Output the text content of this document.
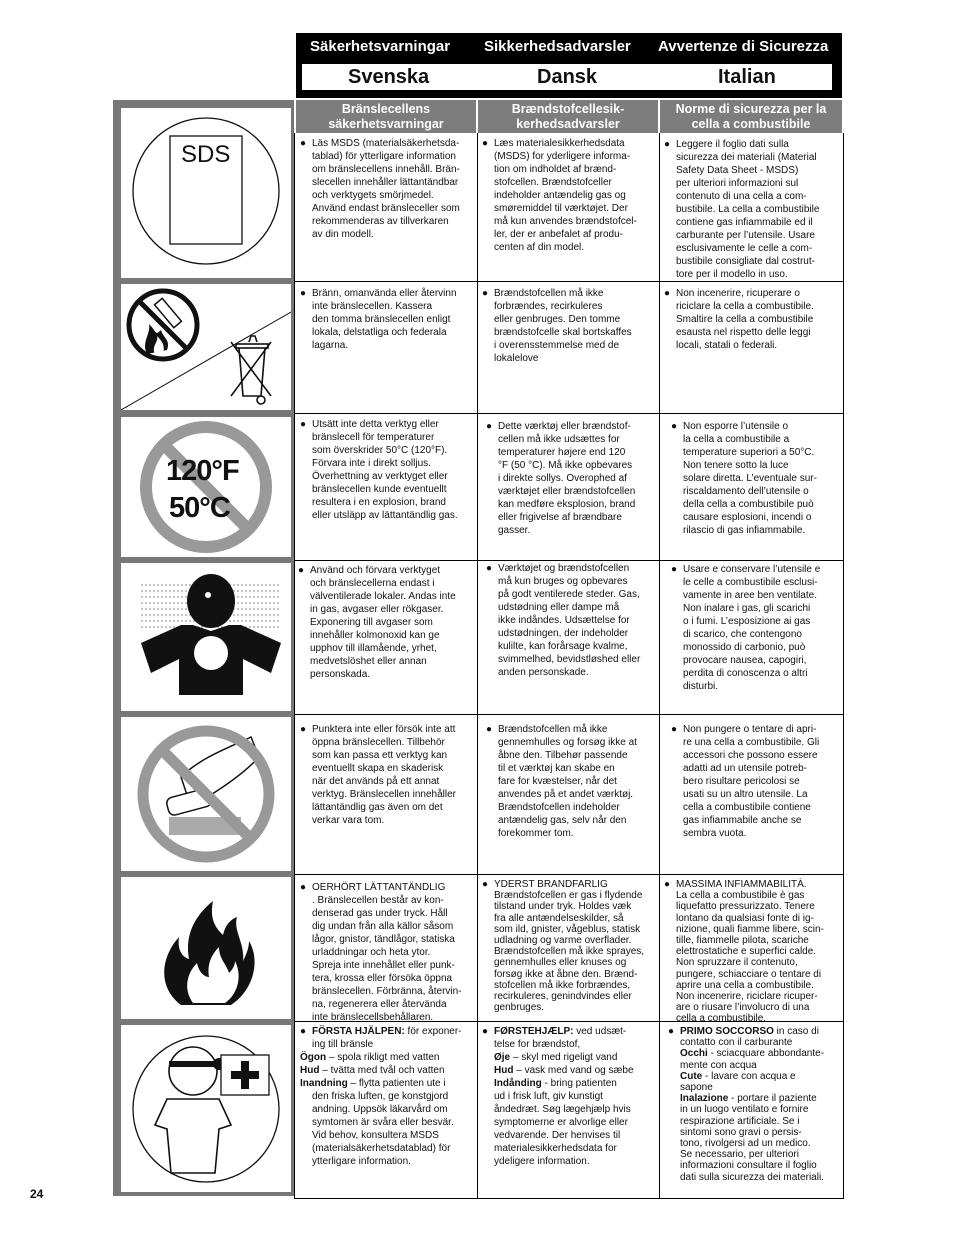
Säkerhetsvarningar Sikkerhedsadvarsler Avvertenze di Sicurezza
Svenska	Dansk	Italian
SDS
120°F
50°C
Bränslecellens
säkerhetsvarningar
Brændstofcellesik-
kerhedsadvarsler
Norme di sicurezza per la
cella a combustibile
● Läs MSDS (materialsäkerhetsda-
tablad) för ytterligare information
om bränslecellens innehåll. Brän-
slecellen innehåller lättantändbar
och verktygets smörjmedel.
Använd endast bränsleceller som
rekommenderas av tillverkaren
av din modell.
● Læs materialesikkerhedsdata
(MSDS) for yderligere informa-
tion om indholdet af brænd-
stofcellen. Brændstofceller
indeholder antændelig gas og
smøremiddel til værktøjet. Der
må kun anvendes brændstofcel-
ler, der er anbefalet af produ-
centen af din model.
● Leggere il foglio dati sulla
sicurezza dei materiali (Material
Safety Data Sheet - MSDS)
per ulteriori informazioni sul
contenuto di una cella a com-
bustibile. La cella a combustibile
contiene gas infiammabile ed il
carburante per l’utensile. Usare
esclusivamente le celle a com-
bustibile consigliate dal costrut-
tore per il modello in uso.
● Bränn, omanvända eller återvinn
inte bränslecellen. Kassera
den tomma bränslecellen enligt
lokala, delstatliga och federala
lagarna.
● Brændstofcellen må ikke
forbrændes, recirkuleres
eller genbruges. Den tomme
brændstofcelle skal bortskaffes
i overensstemmelse med de
lokalelove
● Non incenerire, ricuperare o
riciclare la cella a combustibile.
Smaltire la cella a combustibile
esausta nel rispetto delle leggi
locali, statali o federali.
● Utsätt inte detta verktyg eller
bränslecell för temperaturer
som överskrider 50°C (120°F).
Förvara inte i direkt solljus.
Överhettning av verktyget eller
bränslecellen kunde eventuellt
resultera i en explosion, brand
eller utsläpp av lättantändlig gas.
● Dette værktøj eller brændstof-
cellen må ikke udsættes for
temperaturer højere end 120
°F (50 °C). Må ikke opbevares
i direkte sollys. Overophed af
værktøjet eller brændstofcellen
kan medføre eksplosion, brand
eller frigivelse af brændbare
gasser.
● Non esporre l’utensile o
la cella a combustibile a
temperature superiori a 50°C.
Non tenere sotto la luce
solare diretta. L’eventuale sur-
riscaldamento dell’utensile o
della cella a combustibile può
causare esplosioni, incendi o
rilascio di gas infiammabile.
● Använd och förvara verktyget
och bränslecellerna endast i
välventilerade lokaler. Andas inte
in gas, avgaser eller rökgaser.
Exponering till avgaser som
innehåller kolmonoxid kan ge
upphov till illamående, yrhet,
medvetslöshet eller annan
personskada.
● Værktøjet og brændstofcellen
må kun bruges og opbevares
på godt ventilerede steder. Gas,
udstødning eller dampe må
ikke indåndes. Udsættelse for
udstødningen, der indeholder
kulilte, kan forårsage kvalme,
svimmelhed, bevidstløshed eller
anden personskade.
● Usare e conservare l’utensile e
le celle a combustibile esclusi-
vamente in aree ben ventilate.
Non inalare i gas, gli scarichi
o i fumi. L’esposizione ai gas
di scarico, che contengono
monossido di carbonio, può
provocare nausea, capogiri,
perdita di conoscenza o altri
disturbi.
● Punktera inte eller försök inte att
öppna bränslecellen. Tillbehör
som kan passa ett verktyg kan
eventuellt skapa en skaderisk
när det används på ett annat
verktyg. Bränslecellen innehåller
lättantändlig gas även om det
verkar vara tom.
● Brændstofcellen må ikke
gennemhulles og forsøg ikke at
åbne den. Tilbehør passende
til et værktøj kan skabe en
fare for kvæstelser, når det
anvendes på et andet værktøj.
Brændstofcellen indeholder
antændelig gas, selv når den
forekommer tom.
● Non pungere o tentare di apri-
re una cella a combustibile. Gli
accessori che possono essere
adatti ad un utensile potreb-
bero risultare pericolosi se
usati su un altro utensile. La
cella a combustibile contiene
gas infiammabile anche se
sembra vuota.
● OERHÖRT LÄTTANTÄNDLIG
. Bränslecellen består av kon-
denserad gas under tryck. Håll
dig undan från alla källor såsom
lågor, gnistor, tändlågor, statiska
urladdningar och heta ytor.
Spreja inte innehållet eller punk-
tera, krossa eller försöka öppna
bränslecellen. Förbränna, återvin-
na, regenerera eller återvända
inte bränslecellsbehållaren.
● YDERST BRANDFARLIG
Brændstofcellen er gas i flydende
tilstand under tryk. Holdes væk
fra alle antændelseskilder, så
som ild, gnister, vågeblus, statisk
udladning og varme overflader.
Brændstofcellen må ikke sprayes,
gennemhulles eller knuses og
forsøg ikke at åbne den. Brænd-
stofcellen må ikke forbrændes,
recirkuleres, genindvindes eller
genbruges.
● MASSIMA INFIAMMABILITÀ.
La cella a combustibile è gas
liquefatto pressurizzato. Tenere
lontano da qualsiasi fonte di ig-
nizione, quali fiamme libere, scin-
tille, fiammelle pilota, scariche
elettrostatiche e superfici calde.
Non spruzzare il contenuto,
pungere, schiacciare o tentare di
aprire una cella a combustibile.
Non incenerire, riciclare ricuper-
are o riusare l’involucro di una
cella a combustibile.
● FÖRSTA HJÄLPEN: för exponer-
ing till bränsle
Ögon – spola rikligt med vatten
Hud – tvätta med tvål och vatten
Inandning – flytta patienten ute i
den friska luften, ge konstgjord
andning. Uppsök läkarvård om
symtomen är svåra eller besvär.
Vid behov, konsultera MSDS
(materialsäkerhetsdatablad) för
ytterligare information.
● FØRSTEHJÆLP: ved udsæt-
telse for brændstof,
Øje – skyl med rigeligt vand
Hud – vask med vand og sæbe
Indånding - bring patienten
ud i frisk luft, giv kunstigt
åndedræt. Søg lægehjælp hvis
symptomerne er alvorlige eller
vedvarende. Der henvises til
materialesikkerhedsdata for
ydeligere information.
● PRIMO SOCCORSO in caso di
contatto con il carburante
Occhi - sciacquare abbondante-
mente con acqua
Cute - lavare con acqua e
sapone
Inalazione - portare il paziente
in un luogo ventilato e fornire
respirazione artificiale. Se i
sintomi sono gravi o persis-
tono, rivolgersi ad un medico.
Se necessario, per ulteriori
informazioni consultare il foglio
dati sulla sicurezza dei materiali.
24
